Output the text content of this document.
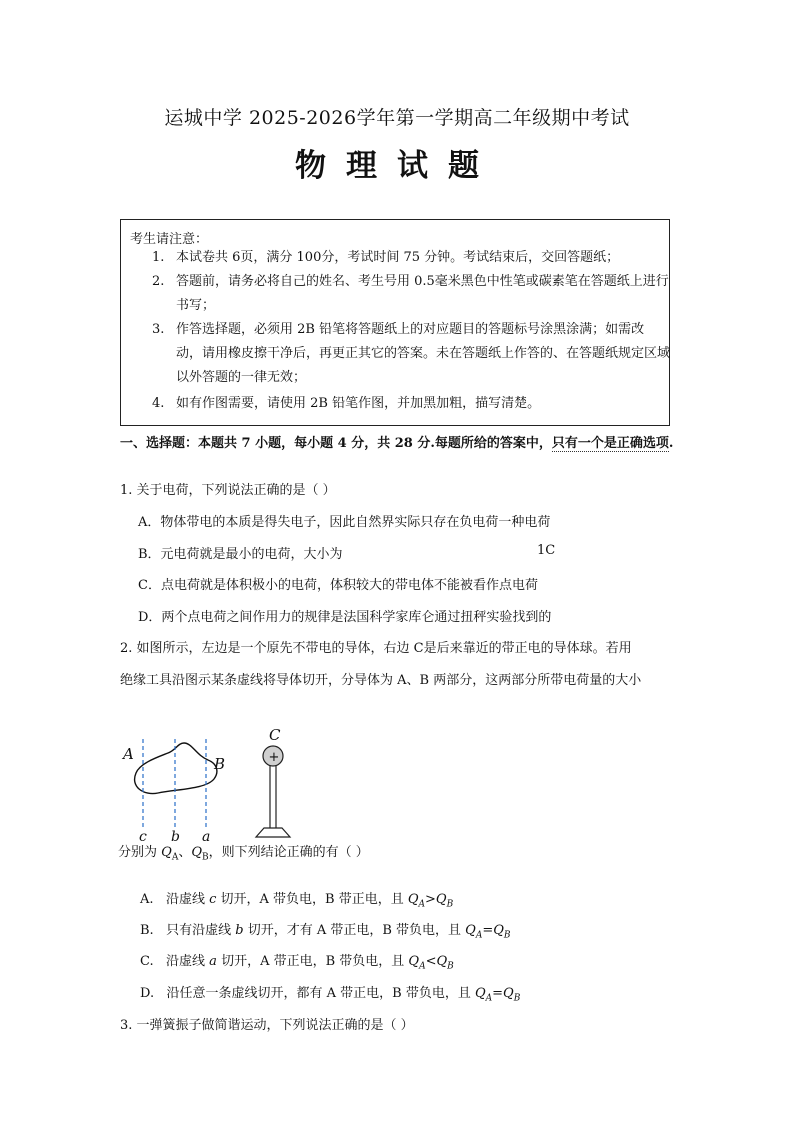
运城中学 2025-2026学年第一学期高二年级期中考试
物理试题
考生请注意：
1. 本试卷共 6页，满分 100分，考试时间 75 分钟。考试结束后，交回答题纸；
2. 答题前，请务必将自己的姓名、考生号用 0.5毫米黑色中性笔或碳素笔在答题纸上进行书写；
3. 作答选择题，必须用 2B 铅笔将答题纸上的对应题目的答题标号涂黑涂满；如需改动，请用橡皮擦干净后，再更正其它的答案。未在答题纸上作答的、在答题纸规定区域以外答题的一律无效；
4. 如有作图需要，请使用 2B 铅笔作图，并加黑加粗，描写清楚。
一、选择题：本题共 7 小题，每小题 4 分，共 28 分.每题所给的答案中，只有一个是正确选项.
1. 关于电荷，下列说法正确的是（ ）
A．物体带电的本质是得失电子，因此自然界实际只存在负电荷一种电荷
B．元电荷就是最小的电荷，大小为	1C
C．点电荷就是体积极小的电荷，体积较大的带电体不能被看作点电荷
D．两个点电荷之间作用力的规律是法国科学家库仑通过扭秤实验找到的
2. 如图所示，左边是一个原先不带电的导体，右边 C是后来靠近的带正电的导体球。若用
绝缘工具沿图示某条虚线将导体切开，分导体为 A、B 两部分，这两部分所带电荷量的大小
A
B
c b a
C
+
分别为 $Q_A$、$Q_B$，则下列结论正确的有（ ）
A. 沿虚线 c 切开，A 带负电，B 带正电，且 $Q_A>Q_B$
B. 只有沿虚线 b 切开，才有 A 带正电，B 带负电，且 $Q_A=Q_B$
C. 沿虚线 a 切开，A 带正电，B 带负电，且 $Q_A<Q_B$
D. 沿任意一条虚线切开，都有 A 带正电，B 带负电，且 $Q_A=Q_B$
3. 一弹簧振子做简谐运动，下列说法正确的是（ ）
